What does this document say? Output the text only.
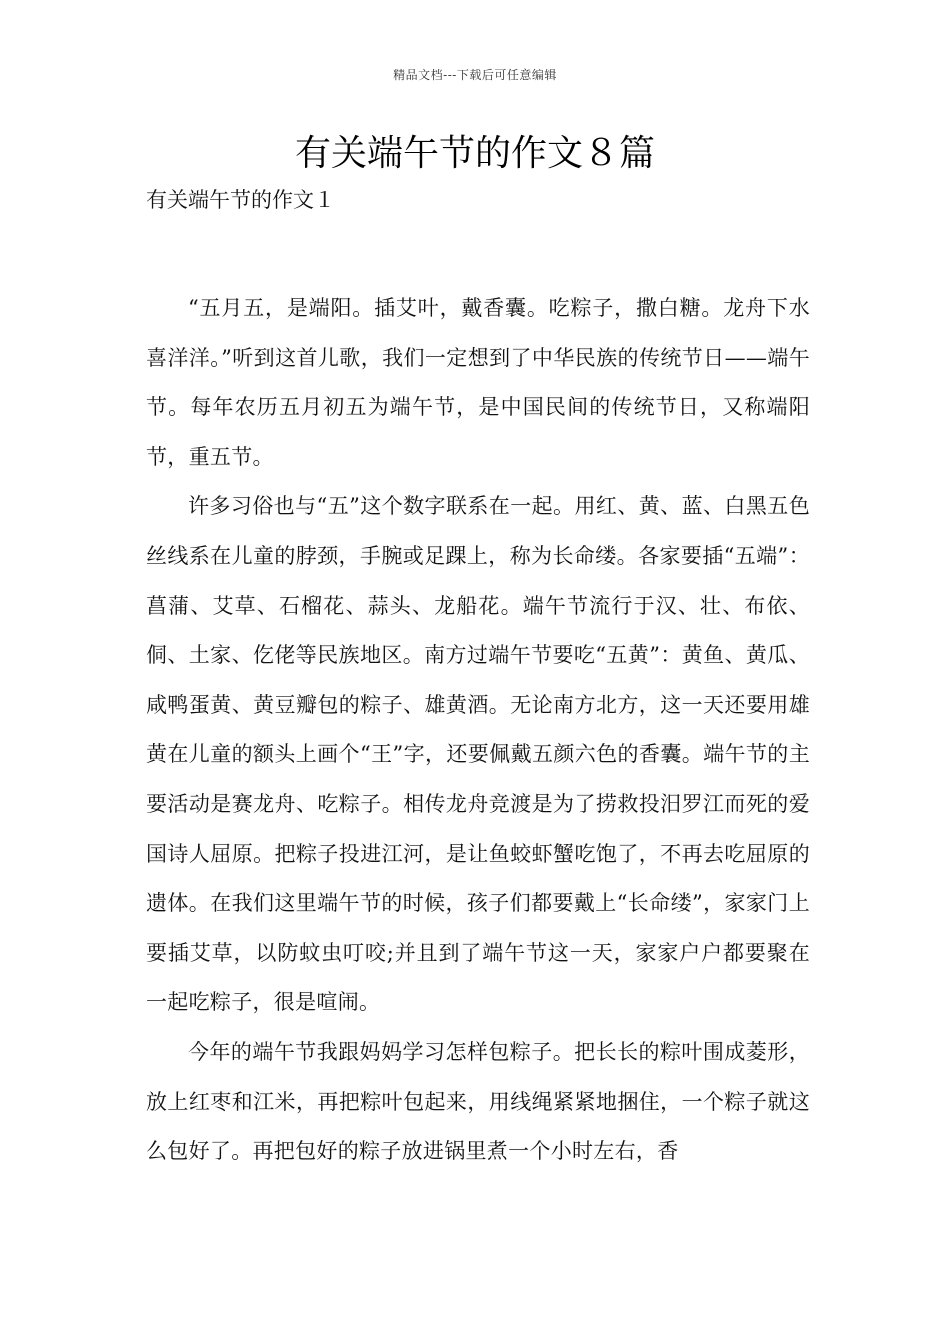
精品文档---下载后可任意编辑
有关端午节的作文８篇
有关端午节的作文１

“五月五，是端阳。插艾叶，戴香囊。吃粽子，撒白糖。龙舟下水喜洋洋。”听到这首儿歌，我们一定想到了中华民族的传统节日——端午节。每年农历五月初五为端午节，是中国民间的传统节日，又称端阳节，重五节。

许多习俗也与“五”这个数字联系在一起。用红、黄、蓝、白黑五色丝线系在儿童的脖颈，手腕或足踝上，称为长命缕。各家要插“五端”：菖蒲、艾草、石榴花、蒜头、龙船花。端午节流行于汉、壮、布依、侗、土家、仡佬等民族地区。南方过端午节要吃“五黄”：黄鱼、黄瓜、咸鸭蛋黄、黄豆瓣包的粽子、雄黄酒。无论南方北方，这一天还要用雄黄在儿童的额头上画个“王”字，还要佩戴五颜六色的香囊。端午节的主要活动是赛龙舟、吃粽子。相传龙舟竞渡是为了捞救投汨罗江而死的爱国诗人屈原。把粽子投进江河，是让鱼蛟虾蟹吃饱了，不再去吃屈原的遗体。在我们这里端午节的时候，孩子们都要戴上“长命缕”，家家门上要插艾草，以防蚊虫叮咬;并且到了端午节这一天，家家户户都要聚在一起吃粽子，很是喧闹。

今年的端午节我跟妈妈学习怎样包粽子。把长长的粽叶围成菱形，放上红枣和江米，再把粽叶包起来，用线绳紧紧地捆住，一个粽子就这么包好了。再把包好的粽子放进锅里煮一个小时左右，香
